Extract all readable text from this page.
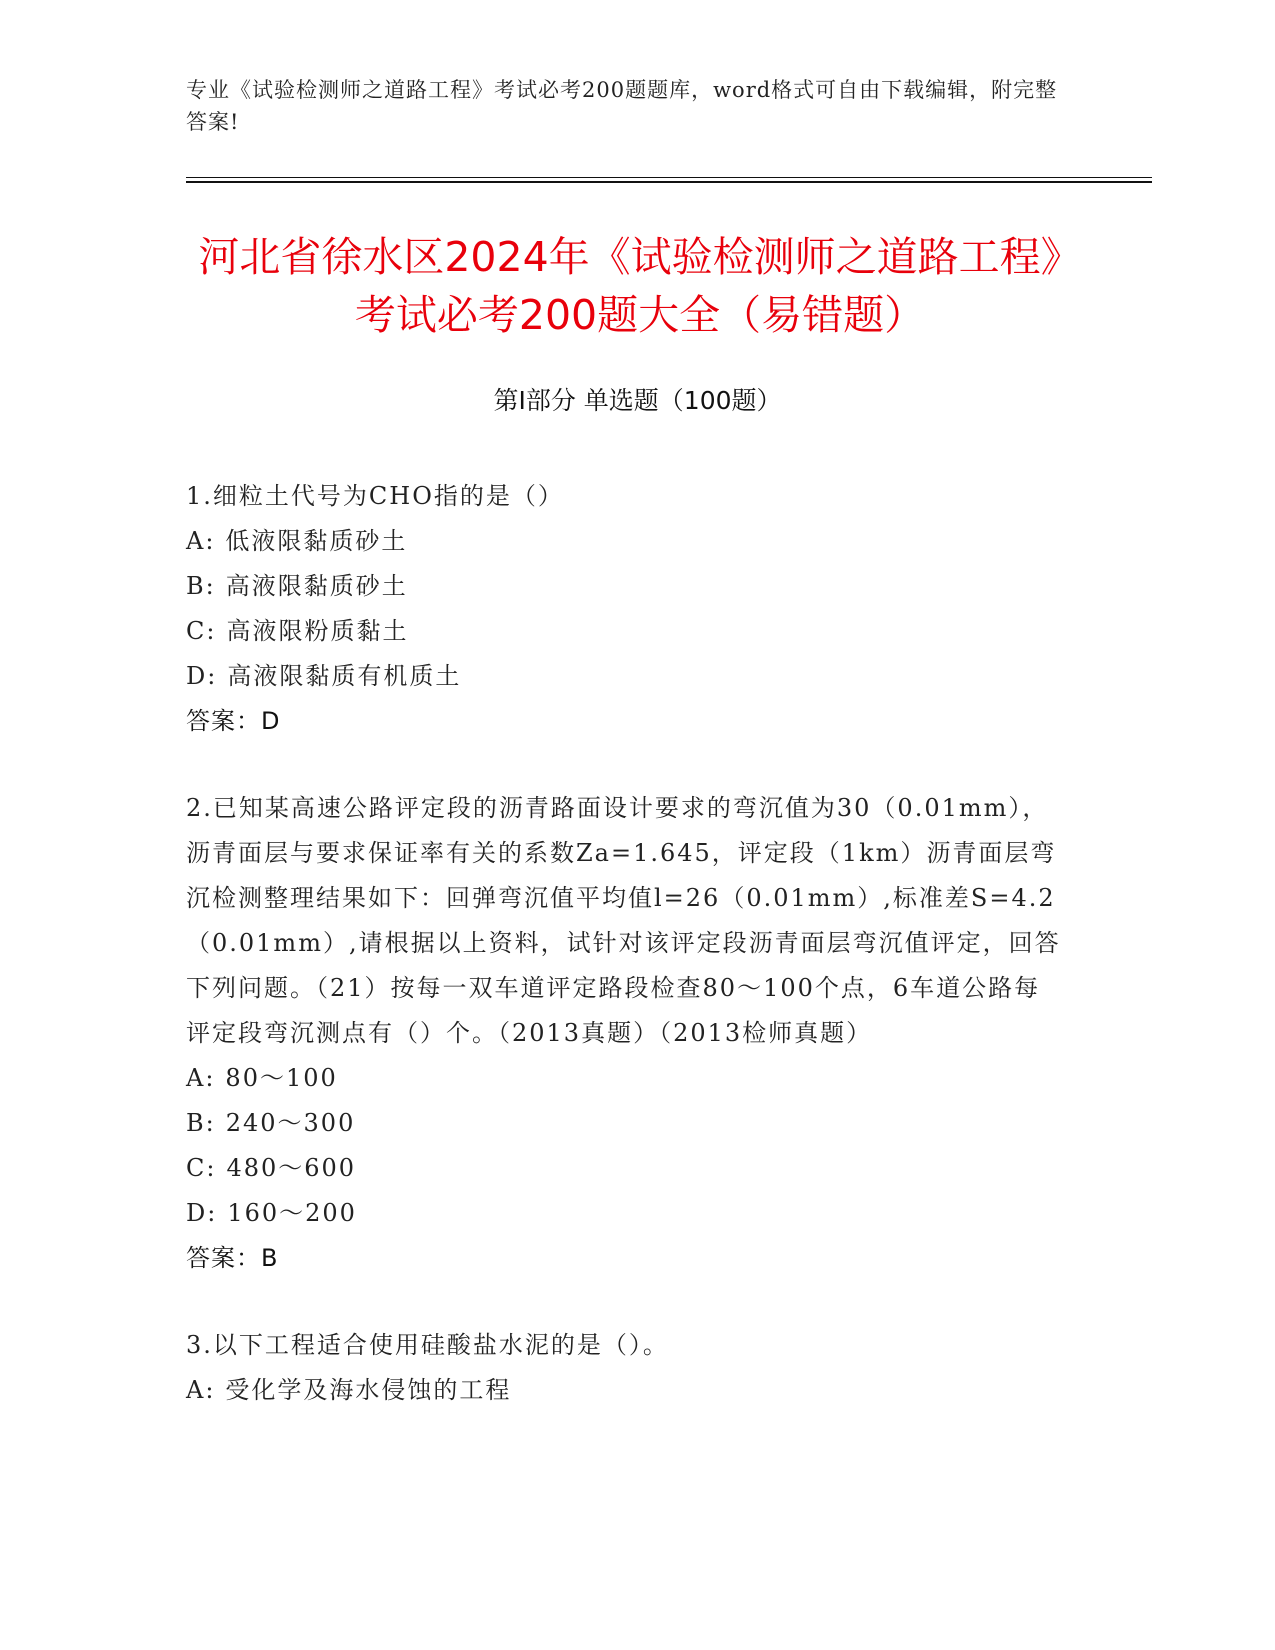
专业《试验检测师之道路工程》考试必考200题题库，word格式可自由下载编辑，附完整答案!
河北省徐水区2024年《试验检测师之道路工程》考试必考200题大全（易错题）
第I部分 单选题（100题）

1.细粒土代号为CHO指的是（）

A: 低液限黏质砂土

B: 高液限黏质砂土

C: 高液限粉质黏土

D: 高液限黏质有机质土

答案：D

2.已知某高速公路评定段的沥青路面设计要求的弯沉值为30（0.01mm），沥青面层与要求保证率有关的系数Za=1.645，评定段（1km）沥青面层弯沉检测整理结果如下：回弹弯沉值平均值l=26（0.01mm）,标准差S=4.2（0.01mm）,请根据以上资料，试针对该评定段沥青面层弯沉值评定，回答下列问题。（21）按每一双车道评定路段检查80～100个点，6车道公路每评定段弯沉测点有（）个。（2013真题）（2013检师真题）

A: 80～100

B: 240～300

C: 480～600

D: 160～200

答案：B

3.以下工程适合使用硅酸盐水泥的是（）。

A: 受化学及海水侵蚀的工程
